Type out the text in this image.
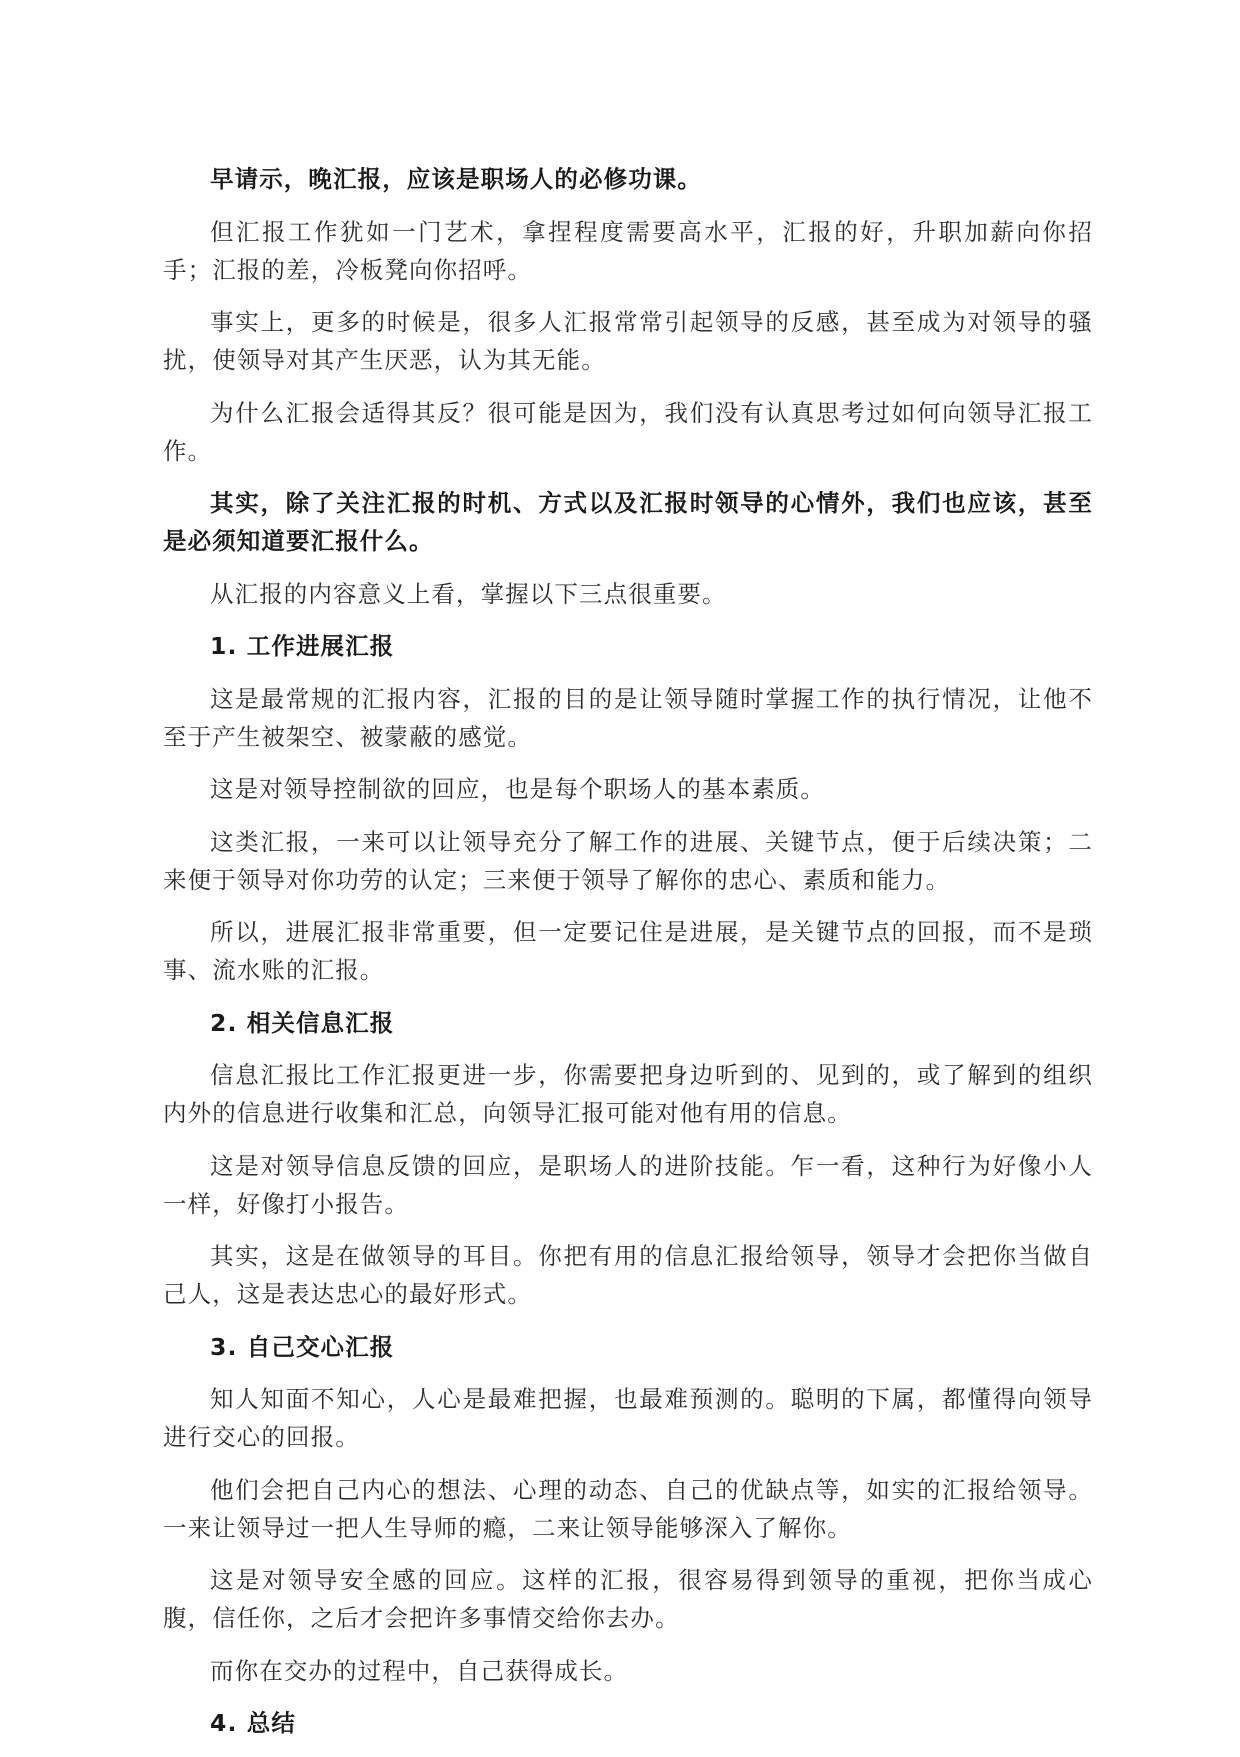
早请示，晚汇报，应该是职场人的必修功课。

但汇报工作犹如一门艺术，拿捏程度需要高水平，汇报的好，升职加薪向你招手；汇报的差，冷板凳向你招呼。

事实上，更多的时候是，很多人汇报常常引起领导的反感，甚至成为对领导的骚扰，使领导对其产生厌恶，认为其无能。

为什么汇报会适得其反？很可能是因为，我们没有认真思考过如何向领导汇报工作。

其实，除了关注汇报的时机、方式以及汇报时领导的心情外，我们也应该，甚至是必须知道要汇报什么。

从汇报的内容意义上看，掌握以下三点很重要。

1. 工作进展汇报

这是最常规的汇报内容，汇报的目的是让领导随时掌握工作的执行情况，让他不至于产生被架空、被蒙蔽的感觉。

这是对领导控制欲的回应，也是每个职场人的基本素质。

这类汇报，一来可以让领导充分了解工作的进展、关键节点，便于后续决策；二来便于领导对你功劳的认定；三来便于领导了解你的忠心、素质和能力。

所以，进展汇报非常重要，但一定要记住是进展，是关键节点的回报，而不是琐事、流水账的汇报。

2. 相关信息汇报

信息汇报比工作汇报更进一步，你需要把身边听到的、见到的，或了解到的组织内外的信息进行收集和汇总，向领导汇报可能对他有用的信息。

这是对领导信息反馈的回应，是职场人的进阶技能。乍一看，这种行为好像小人一样，好像打小报告。

其实，这是在做领导的耳目。你把有用的信息汇报给领导，领导才会把你当做自己人，这是表达忠心的最好形式。

3. 自己交心汇报

知人知面不知心，人心是最难把握，也最难预测的。聪明的下属，都懂得向领导进行交心的回报。

他们会把自己内心的想法、心理的动态、自己的优缺点等，如实的汇报给领导。一来让领导过一把人生导师的瘾，二来让领导能够深入了解你。

这是对领导安全感的回应。这样的汇报，很容易得到领导的重视，把你当成心腹，信任你，之后才会把许多事情交给你去办。

而你在交办的过程中，自己获得成长。

4. 总结
